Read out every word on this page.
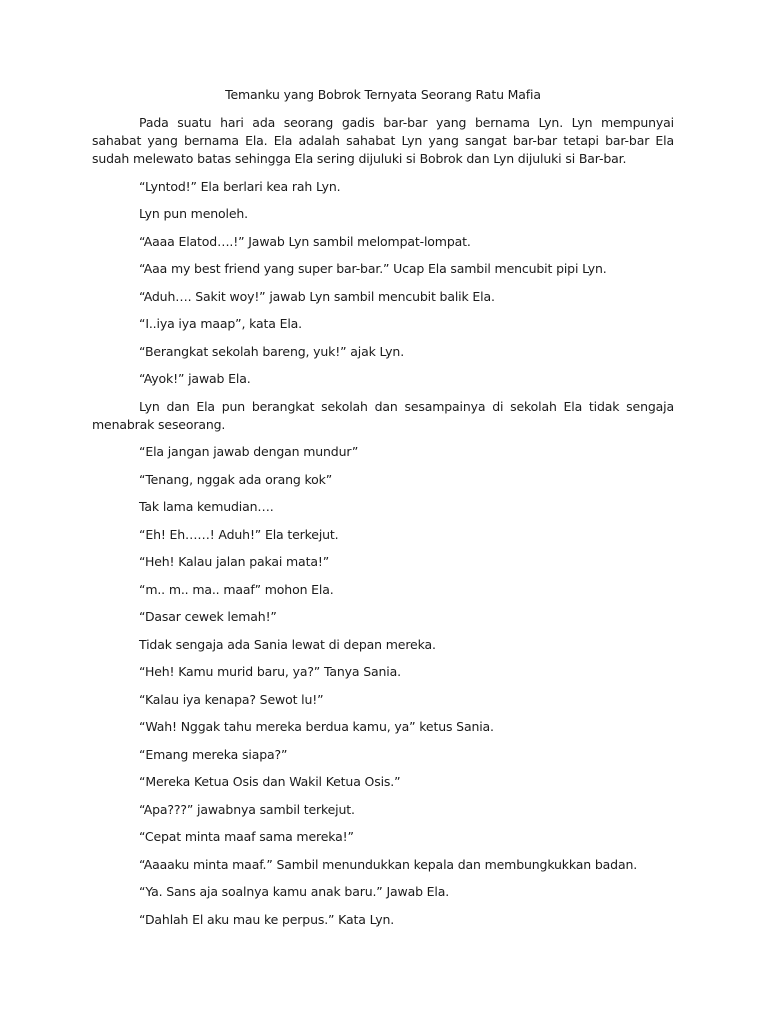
Temanku yang Bobrok Ternyata Seorang Ratu Mafia

Pada suatu hari ada seorang gadis bar-bar yang bernama Lyn. Lyn mempunyai sahabat yang bernama Ela. Ela adalah sahabat Lyn yang sangat bar-bar tetapi bar-bar Ela sudah melewato batas sehingga Ela sering dijuluki si Bobrok dan Lyn dijuluki si Bar-bar.

“Lyntod!” Ela berlari kea rah Lyn.

Lyn pun menoleh.

“Aaaa Elatod….!” Jawab Lyn sambil melompat-lompat.

“Aaa my best friend yang super bar-bar.” Ucap Ela sambil mencubit pipi Lyn.

“Aduh…. Sakit woy!” jawab Lyn sambil mencubit balik Ela.

“I..iya iya maap”, kata Ela.

“Berangkat sekolah bareng, yuk!” ajak Lyn.

“Ayok!” jawab Ela.

Lyn dan Ela pun berangkat sekolah dan sesampainya di sekolah Ela tidak sengaja menabrak seseorang.

“Ela jangan jawab dengan mundur”

“Tenang, nggak ada orang kok”

Tak lama kemudian….

“Eh! Eh……! Aduh!” Ela terkejut.

“Heh! Kalau jalan pakai mata!”

“m.. m.. ma.. maaf” mohon Ela.

“Dasar cewek lemah!”

Tidak sengaja ada Sania lewat di depan mereka.

“Heh! Kamu murid baru, ya?” Tanya Sania.

“Kalau iya kenapa? Sewot lu!”

“Wah! Nggak tahu mereka berdua kamu, ya” ketus Sania.

“Emang mereka siapa?”

“Mereka Ketua Osis dan Wakil Ketua Osis.”

“Apa???” jawabnya sambil terkejut.

“Cepat minta maaf sama mereka!”

“Aaaaku minta maaf.” Sambil menundukkan kepala dan membungkukkan badan.

“Ya. Sans aja soalnya kamu anak baru.” Jawab Ela.

“Dahlah El aku mau ke perpus.” Kata Lyn.
